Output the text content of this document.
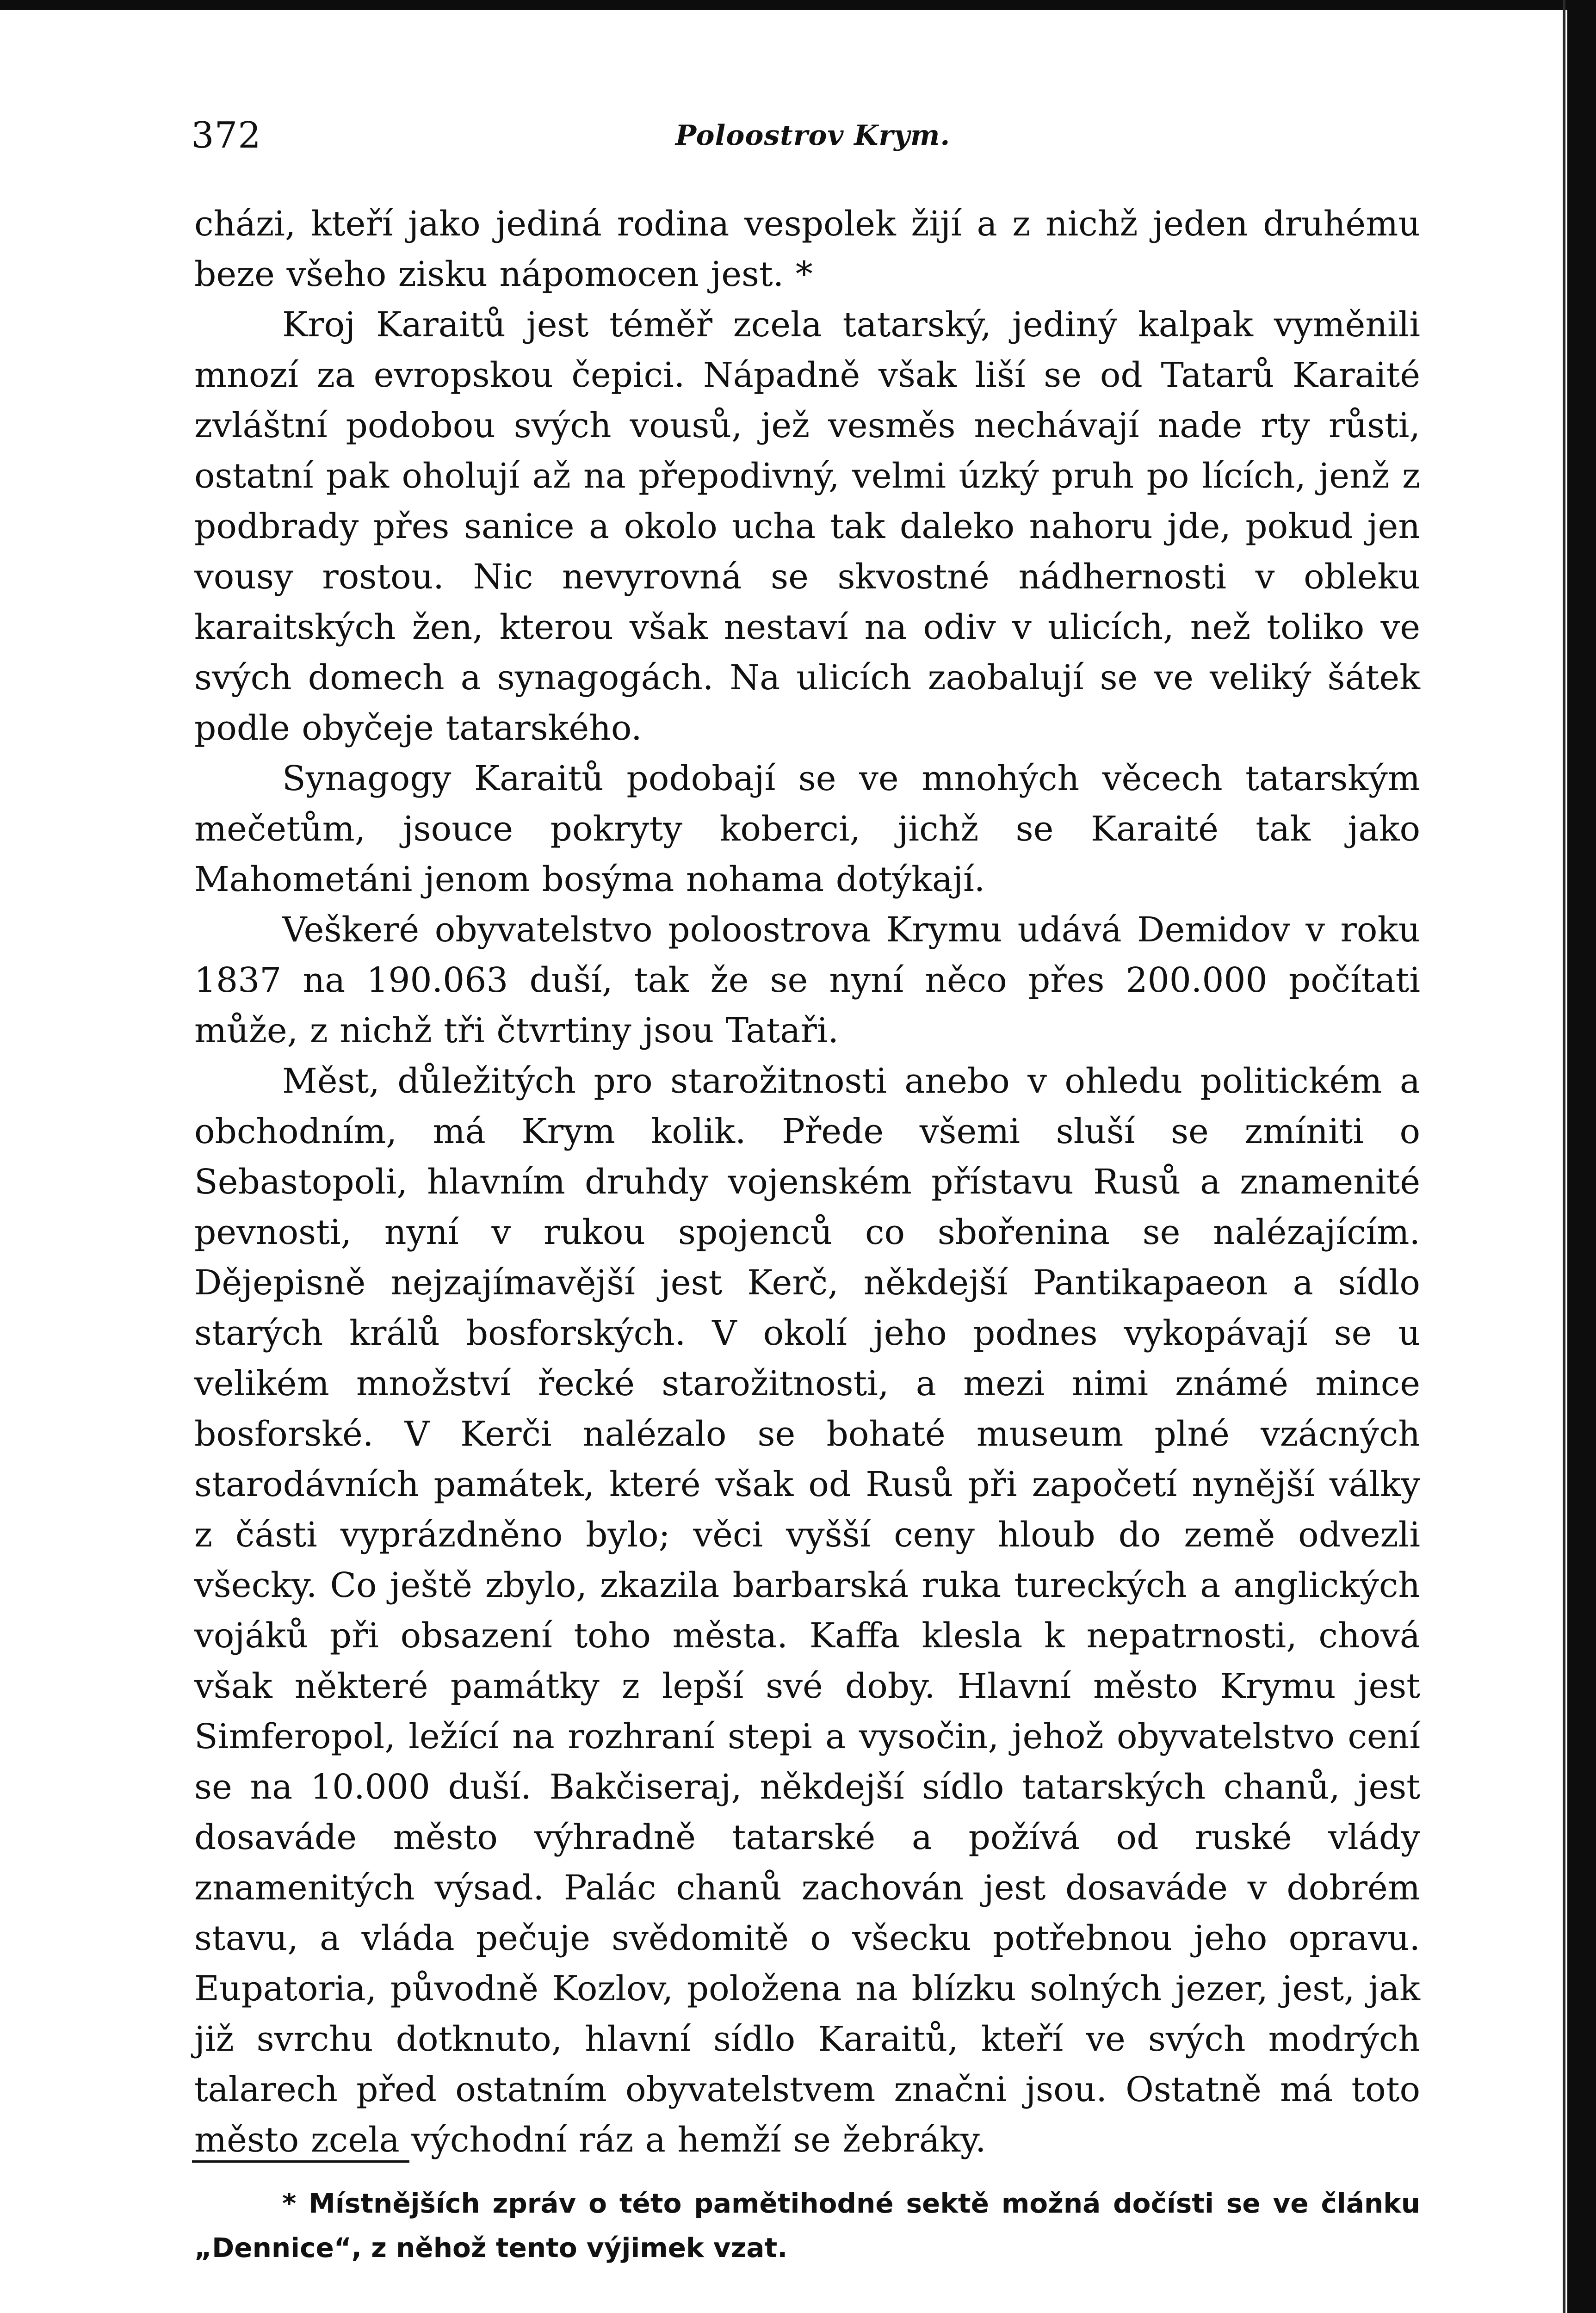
372	Poloostrov Krym.

cházi, kteří jako jediná rodina vespolek žijí a z nichž jeden druhému beze všeho zisku nápomocen jest. *

Kroj Karaitů jest téměř zcela tatarský, jediný kalpak vyměnili mnozí za evropskou čepici. Nápadně však liší se od Tatarů Karaité zvláštní podobou svých vousů, jež vesměs nechávají nade rty růsti, ostatní pak oholují až na přepodivný, velmi úzký pruh po lících, jenž z podbrady přes sanice a okolo ucha tak daleko nahoru jde, pokud jen vousy rostou. Nic nevyrovná se skvostné nádhernosti v obleku karaitských žen, kterou však nestaví na odiv v ulicích, než toliko ve svých domech a synagogách. Na ulicích zaobalují se ve veliký šátek podle obyčeje tatarského.

Synagogy Karaitů podobají se ve mnohých věcech tatarským mečetům, jsouce pokryty koberci, jichž se Karaité tak jako Mahometáni jenom bosýma nohama dotýkají.

Veškeré obyvatelstvo poloostrova Krymu udává Demidov v roku 1837 na 190.063 duší, tak že se nyní něco přes 200.000 počítati může, z nichž tři čtvrtiny jsou Tataři.

Měst, důležitých pro starožitnosti anebo v ohledu politickém a obchodním, má Krym kolik. Přede všemi sluší se zmíniti o Sebastopoli, hlavním druhdy vojenském přístavu Rusů a znamenité pevnosti, nyní v rukou spojenců co sbořenina se nalézajícím. Dějepisně nejzajímavější jest Kerč, někdejší Pantikapaeon a sídlo starých králů bosforských. V okolí jeho podnes vykopávají se u velikém množství řecké starožitnosti, a mezi nimi známé mince bosforské. V Kerči nalézalo se bohaté museum plné vzácných starodávních památek, které však od Rusů při započetí nynější války z části vyprázdněno bylo; věci vyšší ceny hloub do země odvezli všecky. Co ještě zbylo, zkazila barbarská ruka tureckých a anglických vojáků při obsazení toho města. Kaffa klesla k nepatrnosti, chová však některé památky z lepší své doby. Hlavní město Krymu jest Simferopol, ležící na rozhraní stepi a vysočin, jehož obyvatelstvo cení se na 10.000 duší. Bakčiseraj, někdejší sídlo tatarských chanů, jest dosaváde město výhradně tatarské a požívá od ruské vlády znamenitých výsad. Palác chanů zachován jest dosaváde v dobrém stavu, a vláda pečuje svědomitě o všecku potřebnou jeho opravu. Eupatoria, původně Kozlov, položena na blízku solných jezer, jest, jak již svrchu dotknuto, hlavní sídlo Karaitů, kteří ve svých modrých talarech před ostatním obyvatelstvem značni jsou. Ostatně má toto město zcela východní ráz a hemží se žebráky.

* Místnějších zpráv o této pamětihodné sektě možná dočísti se ve článku „Dennice“, z něhož tento výjimek vzat.
